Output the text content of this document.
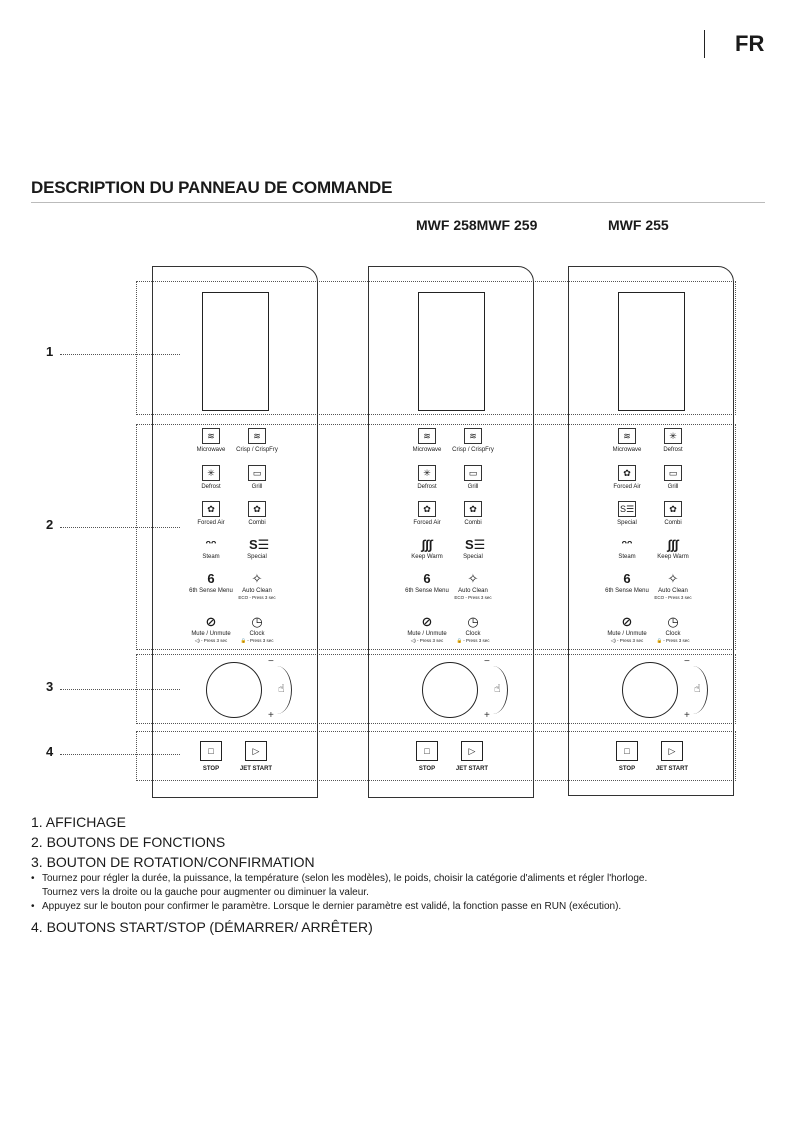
FR
DESCRIPTION DU PANNEAU DE COMMANDE
MWF 258MWF 259	MWF 255
1
2
3
4
≋
Microwave
≋
Crisp / CrispFry
✳
Defrost
▭
Grill
✿
Forced Air
✿
Combi
ᵔᵔ
Steam
S☰
Special
6
6th Sense Menu
✧
Auto Clean
ECO - Press 3 sec
⊘
Mute / Unmute
◁) - Press 3 sec
◷
Clock
🔒 - Press 3 sec
−
+
☝
□	▷
STOP	JET START
≋
Microwave
≋
Crisp / CrispFry
✳
Defrost
▭
Grill
✿
Forced Air
✿
Combi
∫∫∫
Keep Warm
S☰
Special
6
6th Sense Menu
✧
Auto Clean
ECO - Press 3 sec
⊘
Mute / Unmute
◁) - Press 3 sec
◷
Clock
🔒 - Press 3 sec
−
+
☝
□	▷
STOP	JET START
≋
Microwave
✳
Defrost
✿
Forced Air
▭
Grill
S☰
Special
✿
Combi
ᵔᵔ
Steam
∫∫∫
Keep Warm
6
6th Sense Menu
✧
Auto Clean
ECO - Press 3 sec
⊘
Mute / Unmute
◁) - Press 3 sec
◷
Clock
🔒 - Press 3 sec
−
+
☝
□	▷
STOP	JET START
1. AFFICHAGE
2. BOUTONS DE FONCTIONS
3. BOUTON DE ROTATION/CONFIRMATION
• Tournez pour régler la durée, la puissance, la température (selon les modèles), le poids, choisir la catégorie d'aliments et régler l'horloge.
Tournez vers la droite ou la gauche pour augmenter ou diminuer la valeur.
• Appuyez sur le bouton pour confirmer le paramètre. Lorsque le dernier paramètre est validé, la fonction passe en RUN (exécution).
4. BOUTONS START/STOP (DÉMARRER/ ARRÊTER)
